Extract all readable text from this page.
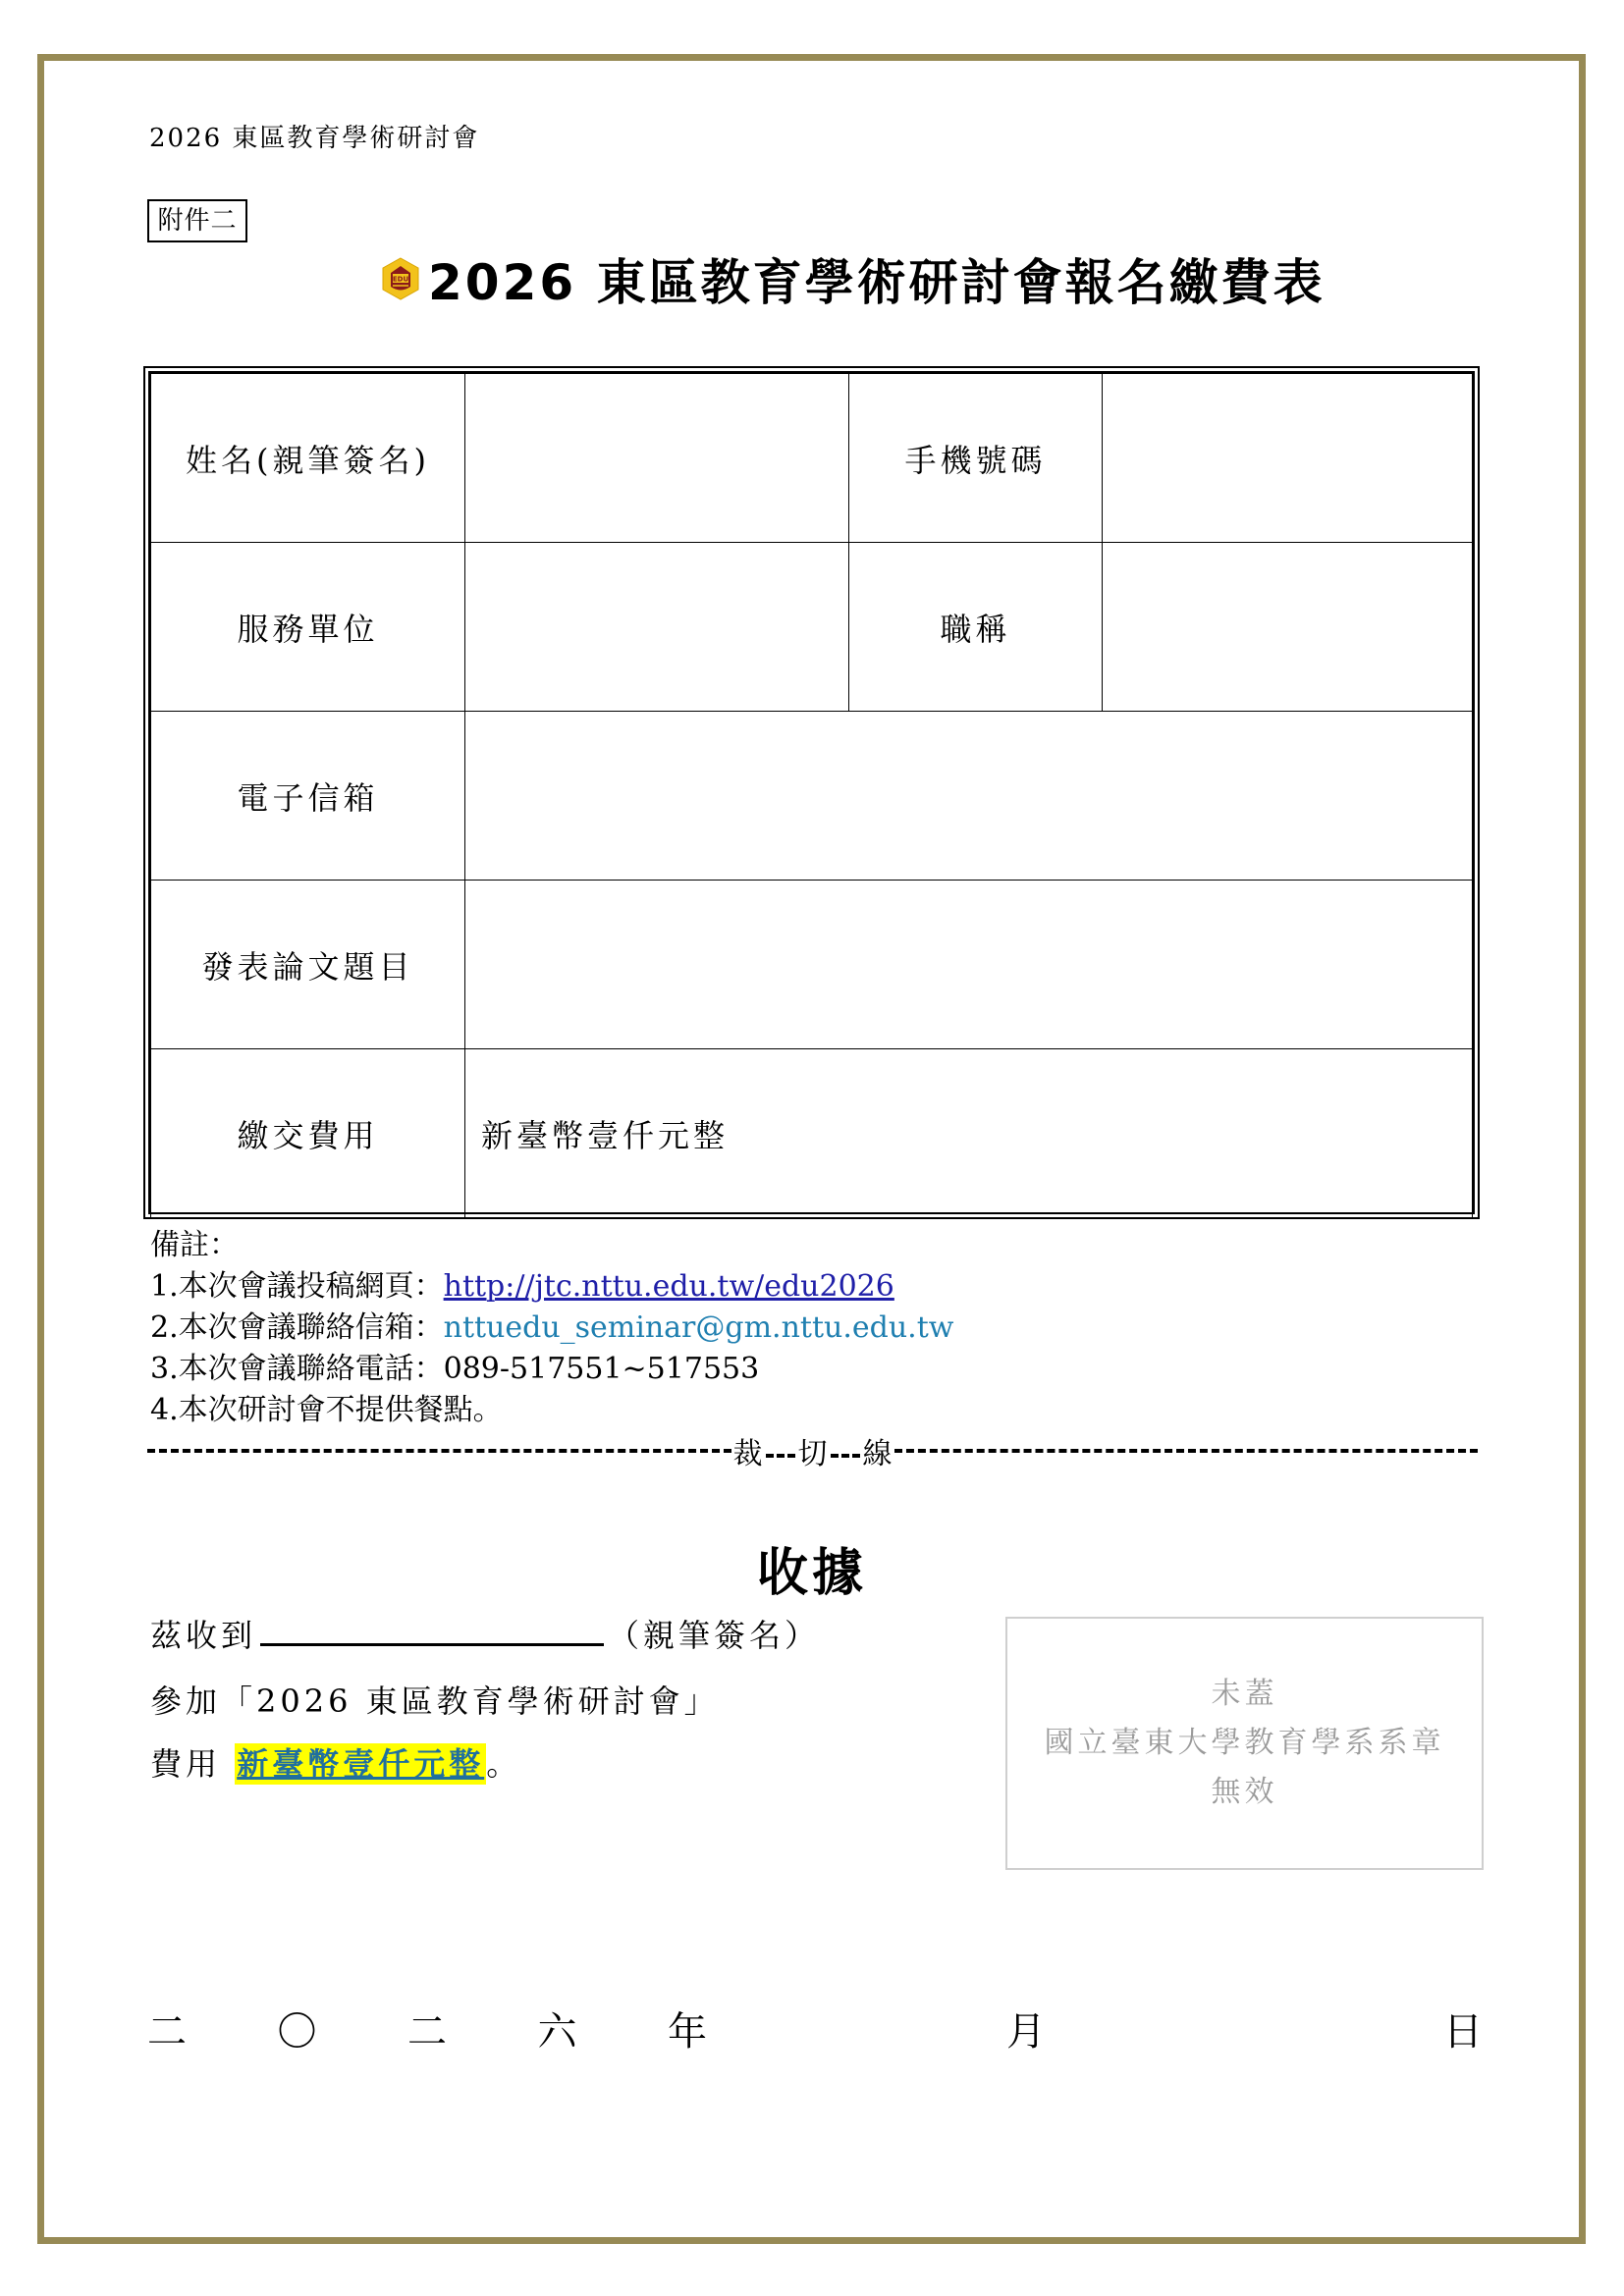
2026 東區教育學術研討會
附件二
EDU 2026 東區教育學術研討會報名繳費表
姓名(親筆簽名)		手機號碼	
服務單位		職稱	
電子信箱			
發表論文題目			
繳交費用	新臺幣壹仟元整		
備註：
1.本次會議投稿網頁：http://jtc.nttu.edu.tw/edu2026
2.本次會議聯絡信箱：nttuedu_seminar@gm.nttu.edu.tw
3.本次會議聯絡電話：089-517551~517553
4.本次研討會不提供餐點。
裁 切 線
收據
茲收到	（親筆簽名）
參加「2026 東區教育學術研討會」
費用 新臺幣壹仟元整。
未蓋
國立臺東大學教育學系系章
無效
二 〇 二 六 年	月	日
